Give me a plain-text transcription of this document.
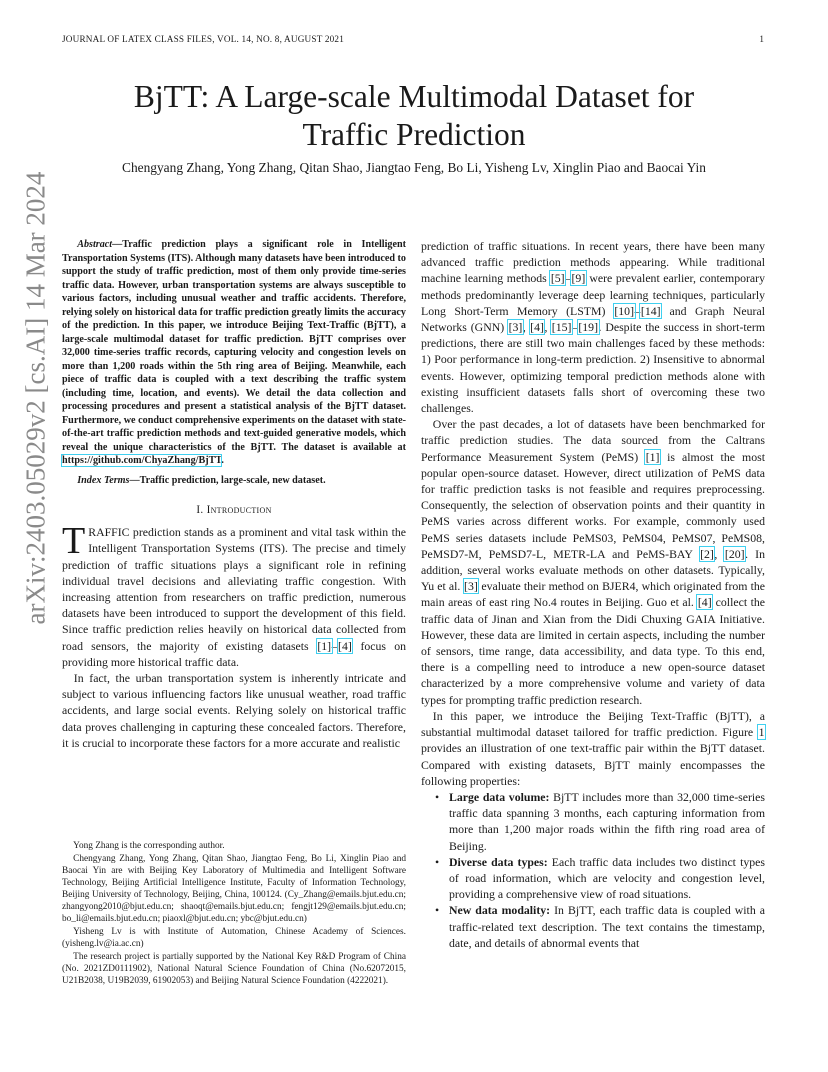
JOURNAL OF LATEX CLASS FILES, VOL. 14, NO. 8, AUGUST 2021	1
arXiv:2403.05029v2 [cs.AI] 14 Mar 2024
BjTT: A Large-scale Multimodal Dataset for
Traffic Prediction
Chengyang Zhang, Yong Zhang, Qitan Shao, Jiangtao Feng, Bo Li, Yisheng Lv, Xinglin Piao and Baocai Yin

Abstract—Traffic prediction plays a significant role in Intelligent Transportation Systems (ITS). Although many datasets have been introduced to support the study of traffic prediction, most of them only provide time-series traffic data. However, urban transportation systems are always susceptible to various factors, including unusual weather and traffic accidents. Therefore, relying solely on historical data for traffic prediction greatly limits the accuracy of the prediction. In this paper, we introduce Beijing Text-Traffic (BjTT), a large-scale multimodal dataset for traffic prediction. BjTT comprises over 32,000 time-series traffic records, capturing velocity and congestion levels on more than 1,200 roads within the 5th ring area of Beijing. Meanwhile, each piece of traffic data is coupled with a text describing the traffic system (including time, location, and events). We detail the data collection and processing procedures and present a statistical analysis of the BjTT dataset. Furthermore, we conduct comprehensive experiments on the dataset with state-of-the-art traffic prediction methods and text-guided generative models, which reveal the unique characteristics of the BjTT. The dataset is available at https://github.com/ChyaZhang/BjTT.

Index Terms—Traffic prediction, large-scale, new dataset.

I. Introduction

TRAFFIC prediction stands as a prominent and vital task within the Intelligent Transportation Systems (ITS). The precise and timely prediction of traffic situations plays a significant role in refining individual travel decisions and alleviating traffic congestion. With increasing attention from researchers on traffic prediction, numerous datasets have been introduced to support the development of this field. Since traffic prediction relies heavily on historical data collected from road sensors, the majority of existing datasets [1]–[4] focus on providing more historical traffic data.

In fact, the urban transportation system is inherently intricate and subject to various influencing factors like unusual weather, road traffic accidents, and large social events. Relying solely on historical traffic data proves challenging in capturing these concealed factors. Therefore, it is crucial to incorporate these factors for a more accurate and realistic

Yong Zhang is the corresponding author.

Chengyang Zhang, Yong Zhang, Qitan Shao, Jiangtao Feng, Bo Li, Xinglin Piao and Baocai Yin are with Beijing Key Laboratory of Multimedia and Intelligent Software Technology, Beijing Artificial Intelligence Institute, Faculty of Information Technology, Beijing University of Technology, Beijing, China, 100124. (Cy_Zhang@emails.bjut.edu.cn; zhangyong2010@bjut.edu.cn; shaoqt@emails.bjut.edu.cn; fengjt129@emails.bjut.edu.cn; bo_li@emails.bjut.edu.cn; piaoxl@bjut.edu.cn; ybc@bjut.edu.cn)

Yisheng Lv is with Institute of Automation, Chinese Academy of Sciences. (yisheng.lv@ia.ac.cn)

The research project is partially supported by the National Key R&D Program of China (No. 2021ZD0111902), National Natural Science Foundation of China (No.62072015, U21B2038, U19B2039, 61902053) and Beijing Natural Science Foundation (4222021).

prediction of traffic situations. In recent years, there have been many advanced traffic prediction methods appearing. While traditional machine learning methods [5]–[9] were prevalent earlier, contemporary methods predominantly leverage deep learning techniques, particularly Long Short-Term Memory (LSTM) [10]–[14] and Graph Neural Networks (GNN) [3], [4], [15]–[19]. Despite the success in short-term predictions, there are still two main challenges faced by these methods: 1) Poor performance in long-term prediction. 2) Insensitive to abnormal events. However, optimizing temporal prediction methods alone with existing insufficient datasets falls short of overcoming these two challenges.

Over the past decades, a lot of datasets have been benchmarked for traffic prediction studies. The data sourced from the Caltrans Performance Measurement System (PeMS) [1] is almost the most popular open-source dataset. However, direct utilization of PeMS data for traffic prediction tasks is not feasible and requires preprocessing. Consequently, the selection of observation points and their quantity in PeMS varies across different works. For example, commonly used PeMS series datasets include PeMS03, PeMS04, PeMS07, PeMS08, PeMSD7-M, PeMSD7-L, METR-LA and PeMS-BAY [2], [20]. In addition, several works evaluate methods on other datasets. Typically, Yu et al. [3] evaluate their method on BJER4, which originated from the main areas of east ring No.4 routes in Beijing. Guo et al. [4] collect the traffic data of Jinan and Xian from the Didi Chuxing GAIA Initiative. However, these data are limited in certain aspects, including the number of sensors, time range, data accessibility, and data type. To this end, there is a compelling need to introduce a new open-source dataset characterized by a more comprehensive volume and variety of data types for prompting traffic prediction research.

In this paper, we introduce the Beijing Text-Traffic (BjTT), a substantial multimodal dataset tailored for traffic prediction. Figure 1 provides an illustration of one text-traffic pair within the BjTT dataset. Compared with existing datasets, BjTT mainly encompasses the following properties:

• Large data volume: BjTT includes more than 32,000 time-series traffic data spanning 3 months, each capturing information from more than 1,200 major roads within the fifth ring road area of Beijing.
• Diverse data types: Each traffic data includes two distinct types of road information, which are velocity and congestion level, providing a comprehensive view of road situations.
• New data modality: In BjTT, each traffic data is coupled with a traffic-related text description. The text contains the timestamp, date, and details of abnormal events that
